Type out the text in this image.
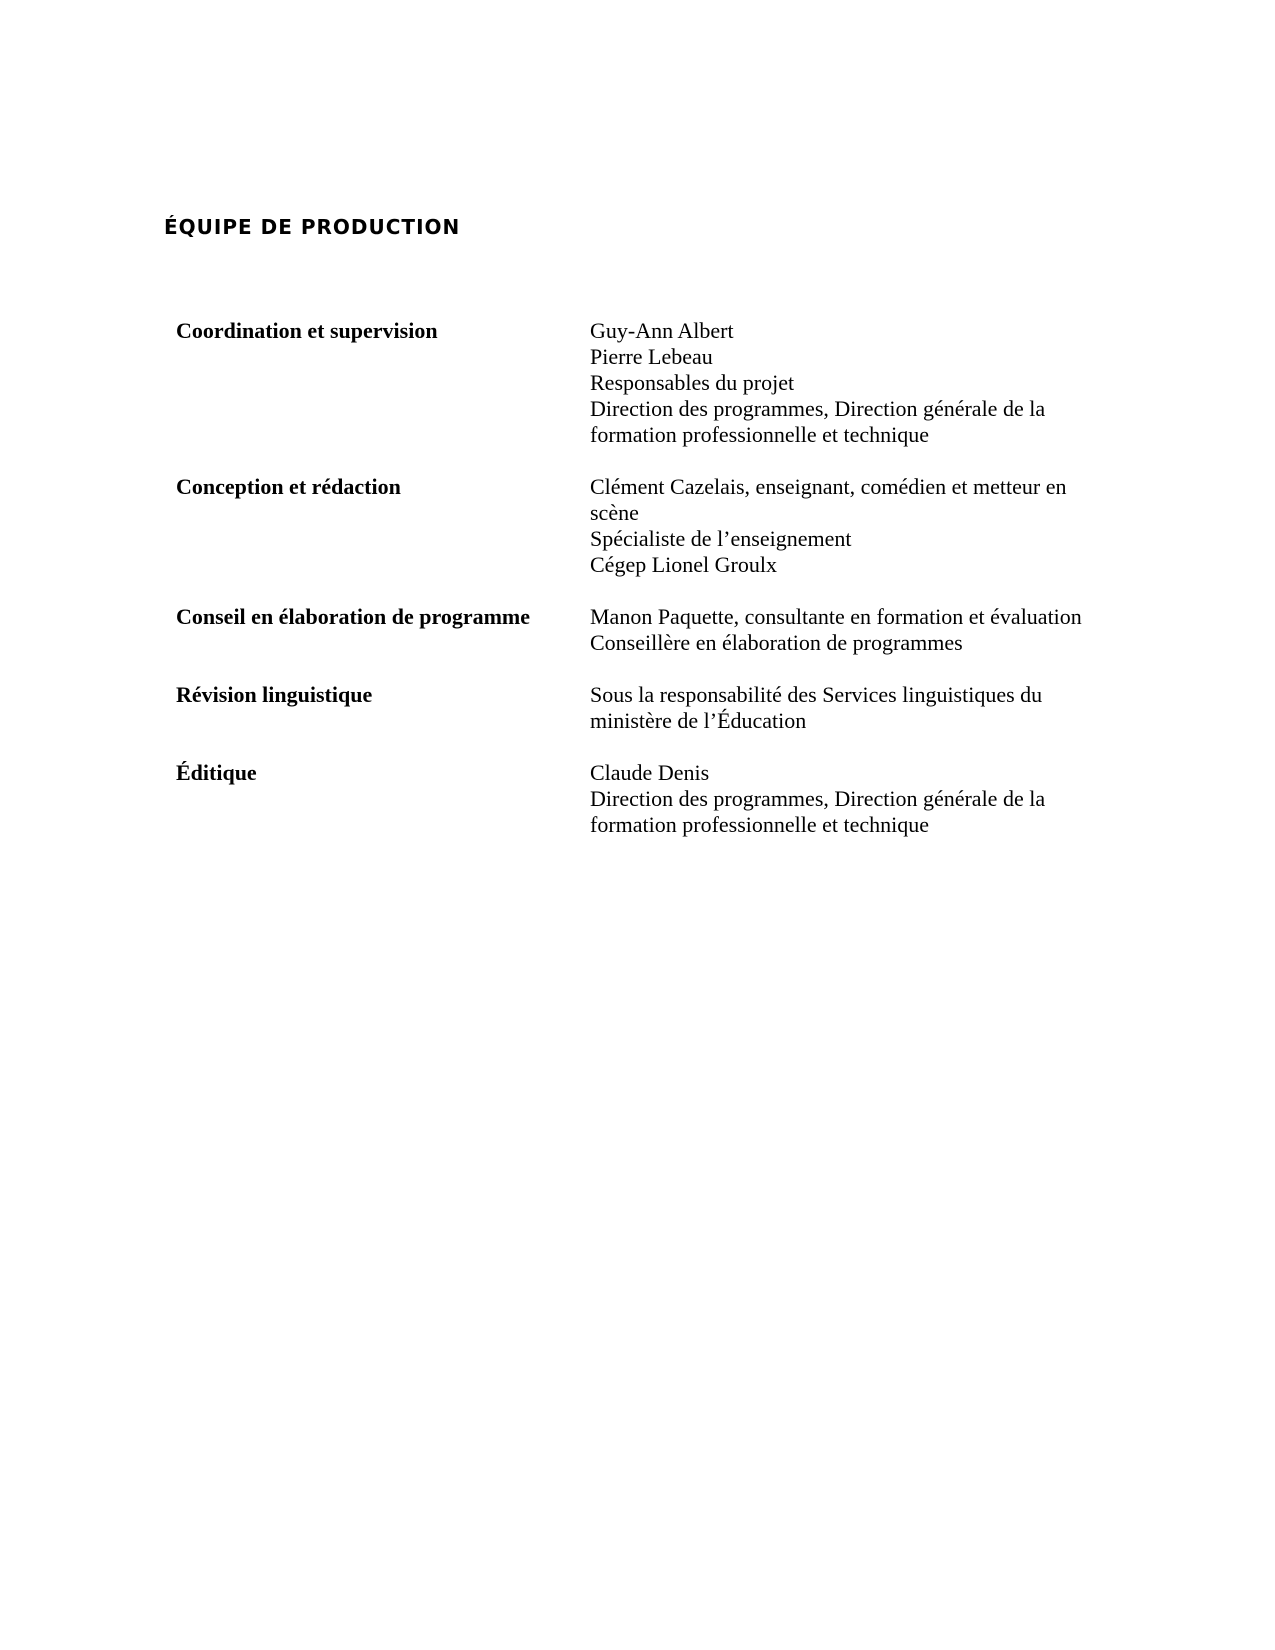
ÉQUIPE DE PRODUCTION
Coordination et supervision	Guy-Ann Albert
Pierre Lebeau
Responsables du projet
Direction des programmes, Direction générale de la formation professionnelle et technique
Conception et rédaction	Clément Cazelais, enseignant, comédien et metteur en scène
Spécialiste de l’enseignement
Cégep Lionel Groulx
Conseil en élaboration de programme	Manon Paquette, consultante en formation et évaluation
Conseillère en élaboration de programmes
Révision linguistique	Sous la responsabilité des Services linguistiques du ministère de l’Éducation
Éditique	Claude Denis
Direction des programmes, Direction générale de la formation professionnelle et technique
